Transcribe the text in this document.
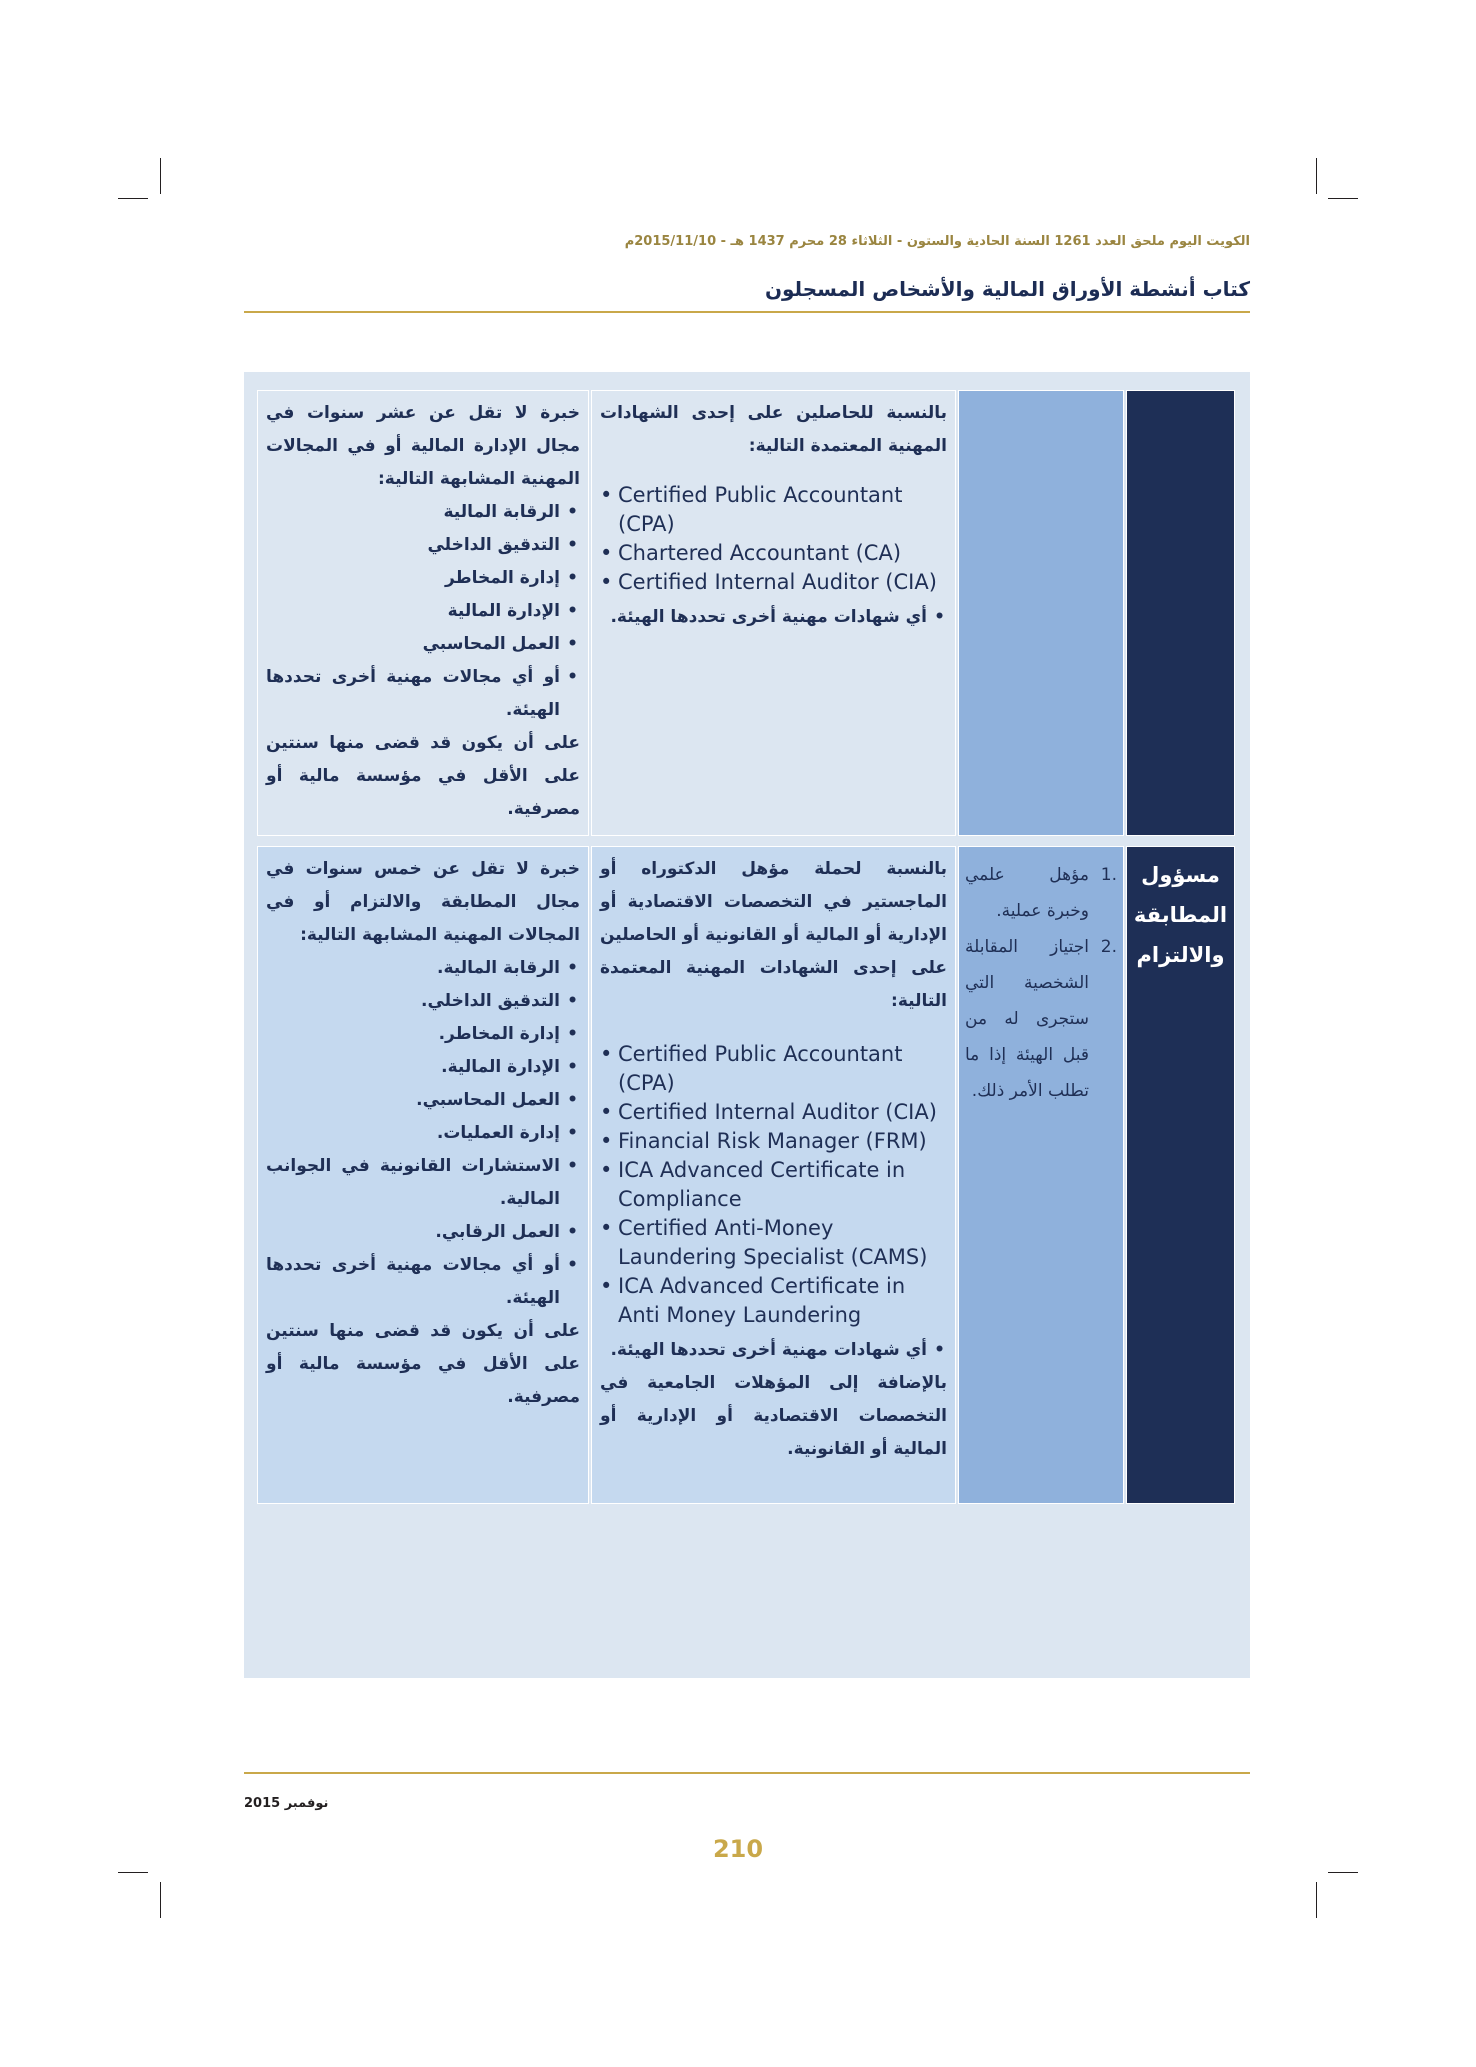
الكويت اليوم ملحق العدد 1261 السنة الحادية والستون - الثلاثاء 28 محرم 1437 هـ - 2015/11/10م
كتاب أنشطة الأوراق المالية والأشخاص المسجلون
بالنسبة للحاصلين على إحدى الشهادات المهنية المعتمدة التالية:
• Certified Public Accountant (CPA)
• Chartered Accountant (CA)
• Certified Internal Auditor (CIA)
• أي شهادات مهنية أخرى تحددها الهيئة.
خبرة لا تقل عن عشر سنوات في مجال الإدارة المالية أو في المجالات المهنية المشابهة التالية:
• الرقابة المالية
• التدقيق الداخلي
• إدارة المخاطر
• الإدارة المالية
• العمل المحاسبي
• أو أي مجالات مهنية أخرى تحددها الهيئة.
على أن يكون قد قضى منها سنتين على الأقل في مؤسسة مالية أو مصرفية.
مسؤول المطابقة والالتزام
.1 مؤهل علمي وخبرة عملية.
.2 اجتياز المقابلة الشخصية التي ستجرى له من قبل الهيئة إذا ما تطلب الأمر ذلك.
بالنسبة لحملة مؤهل الدكتوراه أو الماجستير في التخصصات الاقتصادية أو الإدارية أو المالية أو القانونية أو الحاصلين على إحدى الشهادات المهنية المعتمدة التالية:
• Certified Public Accountant (CPA)
• Certified Internal Auditor (CIA)
• Financial Risk Manager (FRM)
• ICA Advanced Certificate in Compliance
• Certified Anti-Money Laundering Specialist (CAMS)
• ICA Advanced Certificate in Anti Money Laundering
• أي شهادات مهنية أخرى تحددها الهيئة.
بالإضافة إلى المؤهلات الجامعية في التخصصات الاقتصادية أو الإدارية أو المالية أو القانونية.
خبرة لا تقل عن خمس سنوات في مجال المطابقة والالتزام أو في المجالات المهنية المشابهة التالية:
• الرقابة المالية.
• التدقيق الداخلي.
• إدارة المخاطر.
• الإدارة المالية.
• العمل المحاسبي.
• إدارة العمليات.
• الاستشارات القانونية في الجوانب المالية.
• العمل الرقابي.
• أو أي مجالات مهنية أخرى تحددها الهيئة.
على أن يكون قد قضى منها سنتين على الأقل في مؤسسة مالية أو مصرفية.
نوفمبر 2015
210
